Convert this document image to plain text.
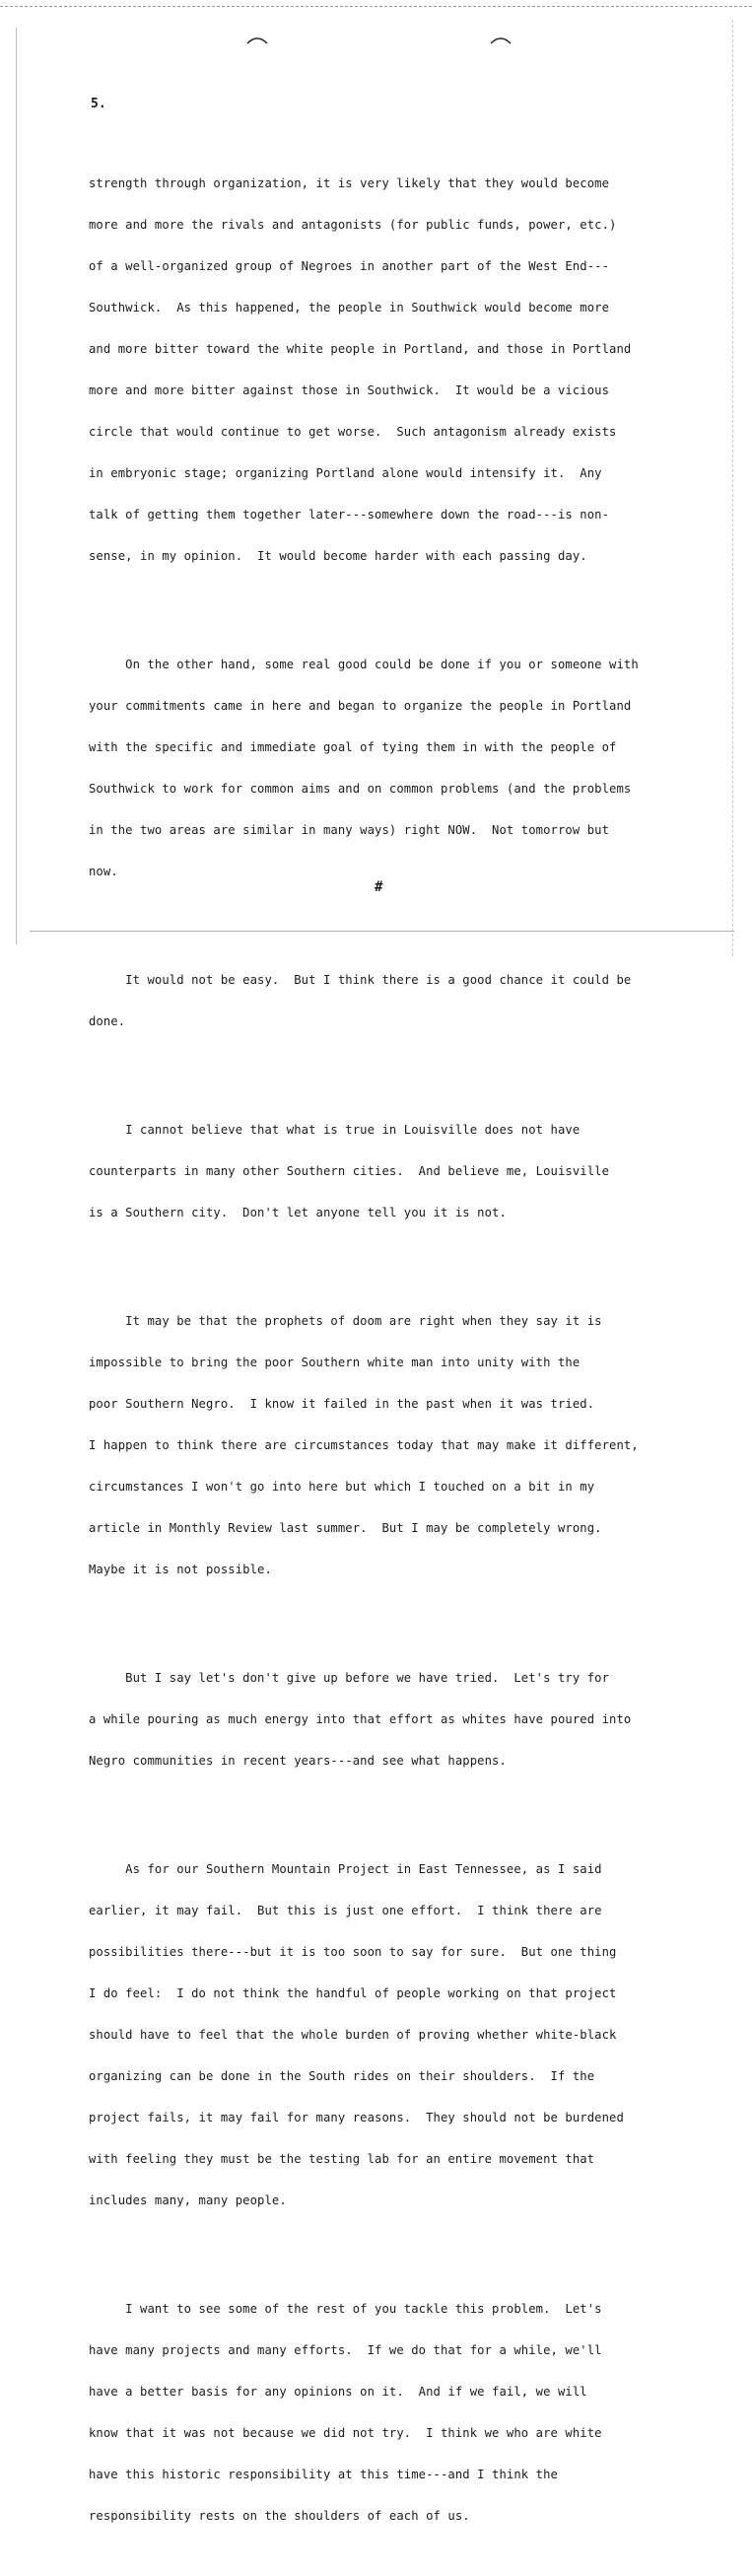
5.

strength through organization, it is very likely that they would become

more and more the rivals and antagonists (for public funds, power, etc.)

of a well-organized group of Negroes in another part of the West End---

Southwick.  As this happened, the people in Southwick would become more

and more bitter toward the white people in Portland, and those in Portland

more and more bitter against those in Southwick.  It would be a vicious

circle that would continue to get worse.  Such antagonism already exists

in embryonic stage; organizing Portland alone would intensify it.  Any

talk of getting them together later---somewhere down the road---is non-

sense, in my opinion.  It would become harder with each passing day.

On the other hand, some real good could be done if you or someone with

your commitments came in here and began to organize the people in Portland

with the specific and immediate goal of tying them in with the people of

Southwick to work for common aims and on common problems (and the problems

in the two areas are similar in many ways) right NOW.  Not tomorrow but

now.

It would not be easy.  But I think there is a good chance it could be

done.

I cannot believe that what is true in Louisville does not have

counterparts in many other Southern cities.  And believe me, Louisville

is a Southern city.  Don't let anyone tell you it is not.

It may be that the prophets of doom are right when they say it is

impossible to bring the poor Southern white man into unity with the

poor Southern Negro.  I know it failed in the past when it was tried.

I happen to think there are circumstances today that may make it different,

circumstances I won't go into here but which I touched on a bit in my

article in Monthly Review last summer.  But I may be completely wrong.

Maybe it is not possible.

But I say let's don't give up before we have tried.  Let's try for

a while pouring as much energy into that effort as whites have poured into

Negro communities in recent years---and see what happens.

As for our Southern Mountain Project in East Tennessee, as I said

earlier, it may fail.  But this is just one effort.  I think there are

possibilities there---but it is too soon to say for sure.  But one thing

I do feel:  I do not think the handful of people working on that project

should have to feel that the whole burden of proving whether white-black

organizing can be done in the South rides on their shoulders.  If the

project fails, it may fail for many reasons.  They should not be burdened

with feeling they must be the testing lab for an entire movement that

includes many, many people.

I want to see some of the rest of you tackle this problem.  Let's

have many projects and many efforts.  If we do that for a while, we'll

have a better basis for any opinions on it.  And if we fail, we will

know that it was not because we did not try.  I think we who are white

have this historic responsibility at this time---and I think the

responsibility rests on the shoulders of each of us.

#
